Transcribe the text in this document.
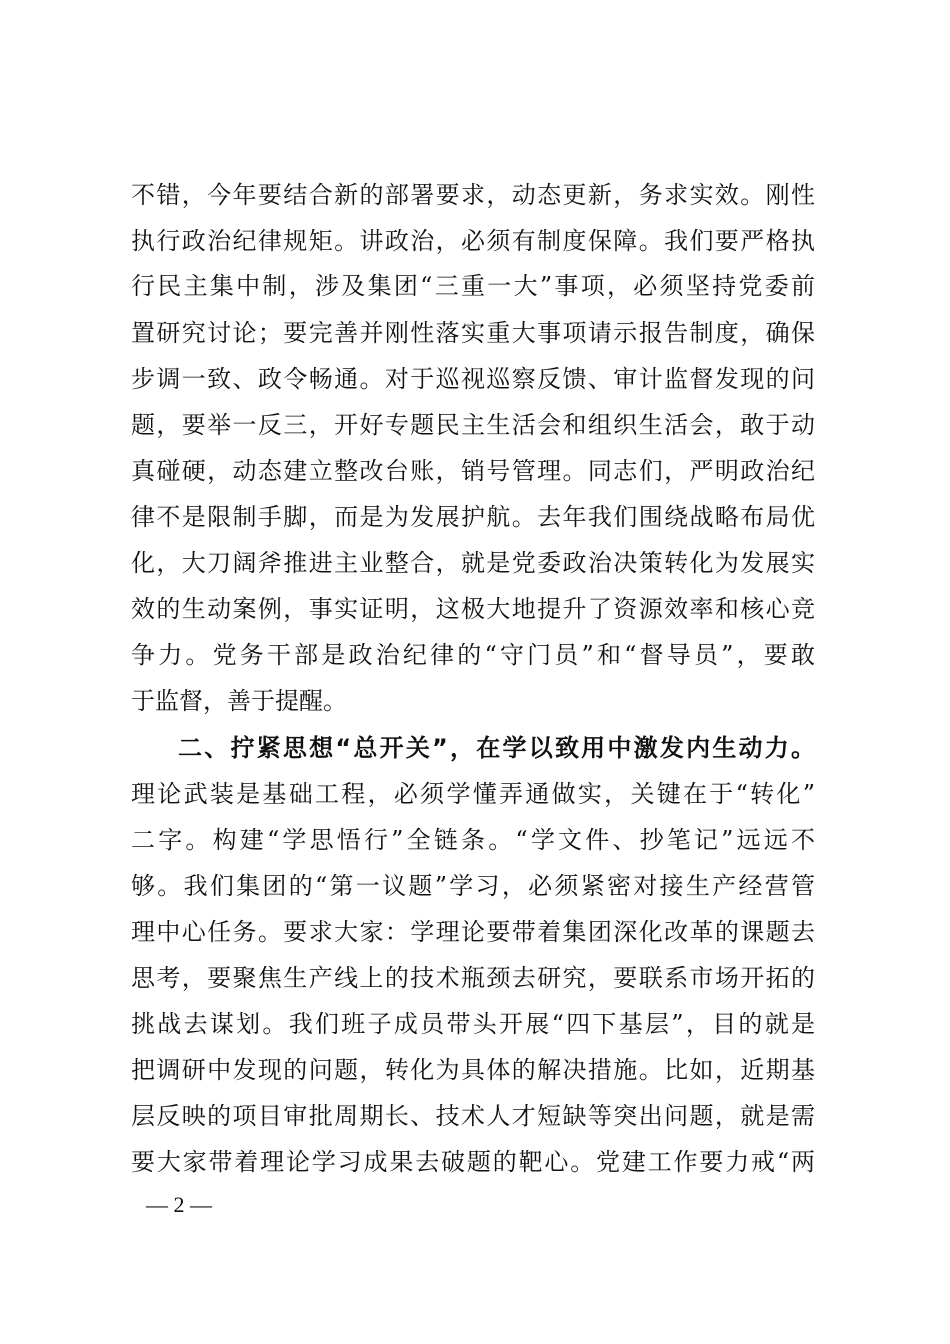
不错，今年要结合新的部署要求，动态更新，务求实效。刚性
执行政治纪律规矩。讲政治，必须有制度保障。我们要严格执
行民主集中制，涉及集团“三重一大”事项，必须坚持党委前
置研究讨论；要完善并刚性落实重大事项请示报告制度，确保
步调一致、政令畅通。对于巡视巡察反馈、审计监督发现的问
题，要举一反三，开好专题民主生活会和组织生活会，敢于动
真碰硬，动态建立整改台账，销号管理。同志们，严明政治纪
律不是限制手脚，而是为发展护航。去年我们围绕战略布局优
化，大刀阔斧推进主业整合，就是党委政治决策转化为发展实
效的生动案例，事实证明，这极大地提升了资源效率和核心竞
争力。党务干部是政治纪律的“守门员”和“督导员”，要敢
于监督，善于提醒。
二、拧紧思想“总开关”，在学以致用中激发内生动力。
理论武装是基础工程，必须学懂弄通做实，关键在于“转化”
二字。构建“学思悟行”全链条。“学文件、抄笔记”远远不
够。我们集团的“第一议题”学习，必须紧密对接生产经营管
理中心任务。要求大家：学理论要带着集团深化改革的课题去
思考，要聚焦生产线上的技术瓶颈去研究，要联系市场开拓的
挑战去谋划。我们班子成员带头开展“四下基层”，目的就是
把调研中发现的问题，转化为具体的解决措施。比如，近期基
层反映的项目审批周期长、技术人才短缺等突出问题，就是需
要大家带着理论学习成果去破题的靶心。党建工作要力戒“两
— 2 —
